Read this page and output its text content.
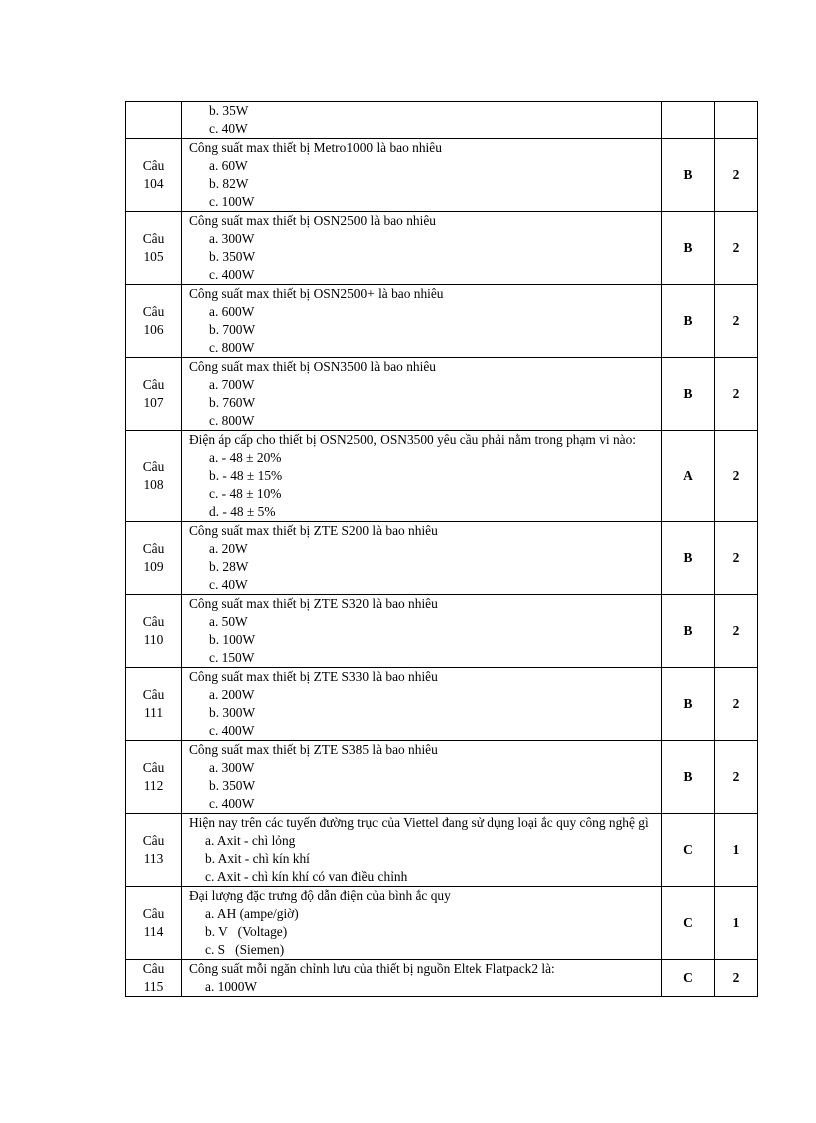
	b. 35W
c. 40W		

Câu
104	Công suất max thiết bị Metro1000 là bao nhiêu
a. 60W
b. 82W
c. 100W	B	2

Câu
105	Công suất max thiết bị OSN2500 là bao nhiêu
a. 300W
b. 350W
c. 400W	B	2

Câu
106	Công suất max thiết bị OSN2500+ là bao nhiêu
a. 600W
b. 700W
c. 800W	B	2

Câu
107	Công suất max thiết bị OSN3500 là bao nhiêu
a. 700W
b. 760W
c. 800W	B	2

Câu
108	Điện áp cấp cho thiết bị OSN2500, OSN3500 yêu cầu phải nằm trong phạm vi nào:
a. - 48 ± 20%
b. - 48 ± 15%
c. - 48 ± 10%
d. - 48 ± 5%	A	2

Câu
109	Công suất max thiết bị ZTE S200 là bao nhiêu
a. 20W
b. 28W
c. 40W	B	2

Câu
110	Công suất max thiết bị ZTE S320 là bao nhiêu
a. 50W
b. 100W
c. 150W	B	2

Câu
111	Công suất max thiết bị ZTE S330 là bao nhiêu
a. 200W
b. 300W
c. 400W	B	2

Câu
112	Công suất max thiết bị ZTE S385 là bao nhiêu
a. 300W
b. 350W
c. 400W	B	2

Câu
113	Hiện nay trên các tuyến đường trục của Viettel đang sử dụng loại ắc quy công nghệ gì
a. Axit - chì lỏng
b. Axit - chì kín khí
c. Axit - chì kín khí có van điều chỉnh	C	1

Câu
114	Đại lượng đặc trưng độ dẫn điện của bình ắc quy
a. AH (ampe/giờ)
b. V   (Voltage)
c. S   (Siemen)	C	1

Câu
115	Công suất mỗi ngăn chỉnh lưu của thiết bị nguồn Eltek Flatpack2 là:
a. 1000W	C	2
